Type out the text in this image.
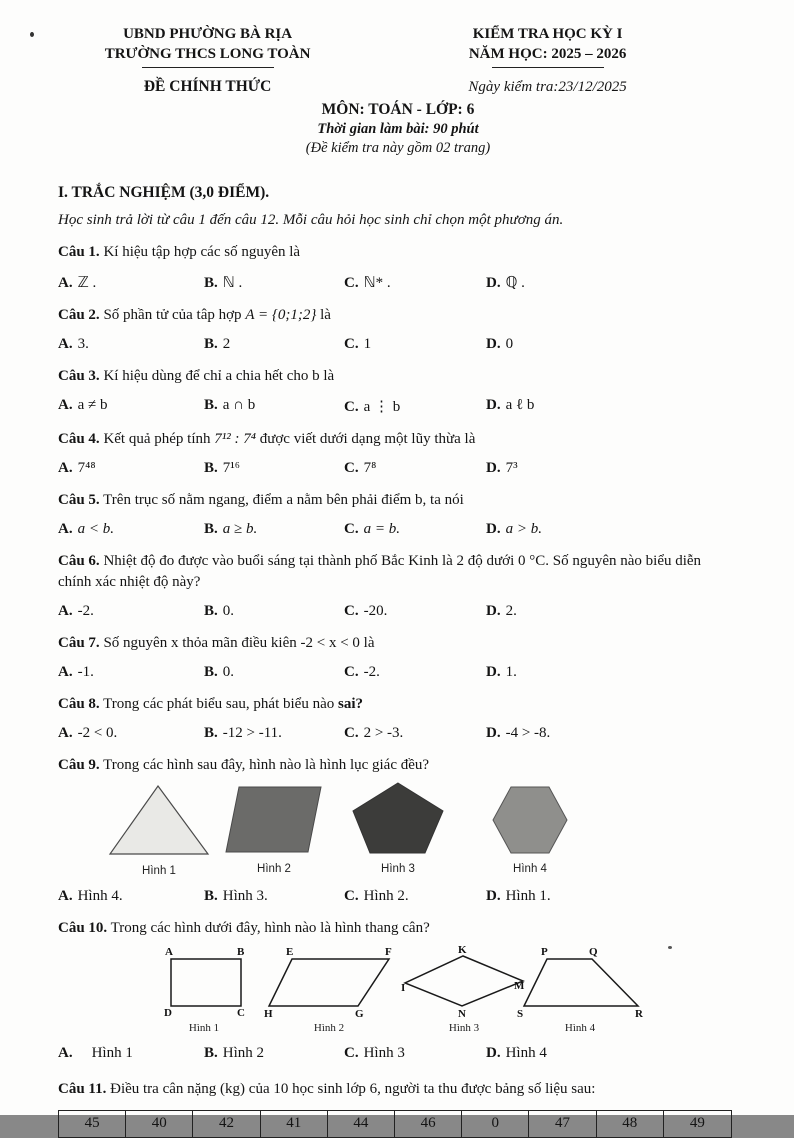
UBND PHƯỜNG BÀ RỊA
TRƯỜNG THCS LONG TOÀN
KIỂM TRA HỌC KỲ I
NĂM HỌC: 2025 – 2026
ĐỀ CHÍNH THỨC	Ngày kiểm tra:23/12/2025
MÔN: TOÁN - LỚP: 6
Thời gian làm bài: 90 phút
(Đề kiểm tra này gồm 02 trang)
I. TRẮC NGHIỆM (3,0 ĐIỂM).
Học sinh trả lời từ câu 1 đến câu 12. Mỗi câu hỏi học sinh chỉ chọn một phương án.
Câu 1. Kí hiệu tập hợp các số nguyên là
A. ℤ .	B. ℕ .	C. ℕ* .	D. ℚ .
Câu 2. Số phần tử của tâp hợp A = {0;1;2} là
A. 3.	B. 2	C. 1	D. 0
Câu 3. Kí hiệu dùng để chỉ a chia hết cho b là
A. a ≠ b	B. a ∩ b	C. a ⋮ b	D. a ℓ b
Câu 4. Kết quả phép tính 7¹² : 7⁴ được viết dưới dạng một lũy thừa là
A. 7⁴⁸	B. 7¹⁶	C. 7⁸	D. 7³
Câu 5. Trên trục số nằm ngang, điểm a nằm bên phải điểm b, ta nói
A. a < b.	B. a ≥ b.	C. a = b.	D. a > b.
Câu 6. Nhiệt độ đo được vào buổi sáng tại thành phố Bắc Kinh là 2 độ dưới 0 °C. Số nguyên nào biểu diễn chính xác nhiệt độ này?
A. -2.	B. 0.	C. -20.	D. 2.
Câu 7. Số nguyên x thỏa mãn điều kiên -2 < x < 0 là
A. -1.	B. 0.	C. -2.	D. 1.
Câu 8. Trong các phát biểu sau, phát biểu nào sai?
A. -2 < 0.	B. -12 > -11.	C. 2 > -3.	D. -4 > -8.
Câu 9. Trong các hình sau đây, hình nào là hình lục giác đều?
Hình 1	Hình 2	Hình 3	Hình 4
A. Hình 4.	B. Hình 3.	C. Hình 2.	D. Hình 1.
Câu 10. Trong các hình dưới đây, hình nào là hình thang cân?
A	B
C
D
Hình 1
E	F
G
H
Hình 2
K
M
N
I
Hình 3
P	Q
R
S
Hình 4
A. Hình 1	B. Hình 2	C. Hình 3	D. Hình 4
Câu 11. Điều tra cân nặng (kg) của 10 học sinh lớp 6, người ta thu được bảng số liệu sau:
45	40	42	41	44	46	0	47	48	49
